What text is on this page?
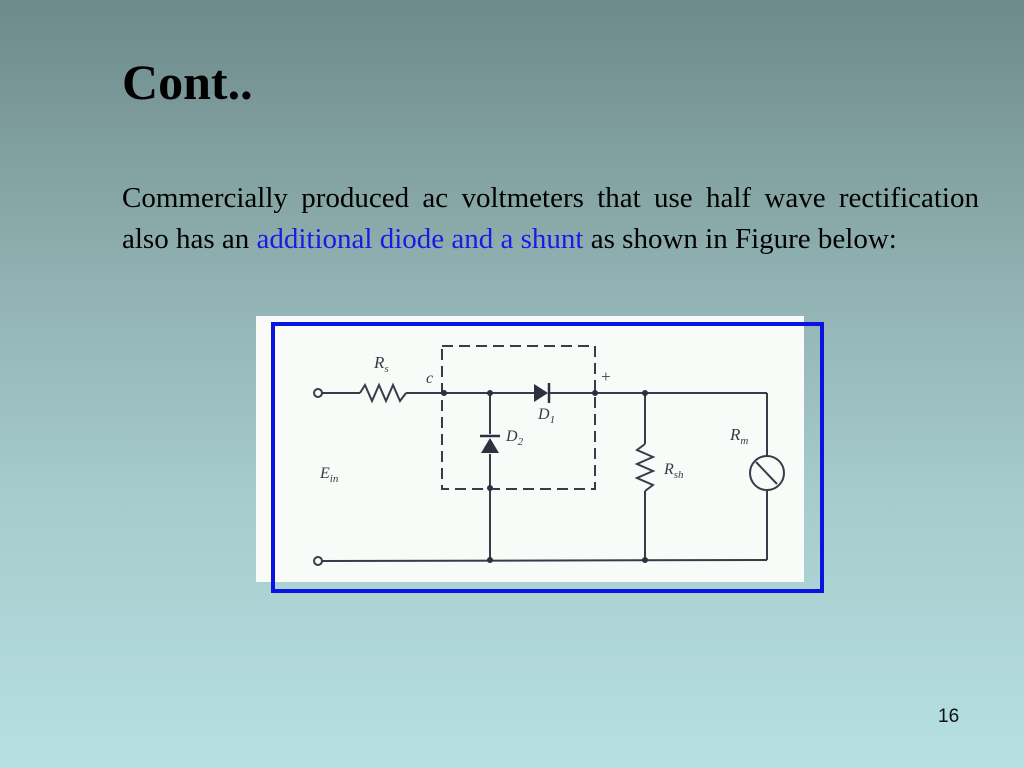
Cont..

Commercially produced ac voltmeters that use half wave rectification also has an additional diode and a shunt as shown in Figure below:

$R_s$
c	+
$D_1$
$D_2$	$R_m$
$R_{sh}$
$E_{in}$
16
